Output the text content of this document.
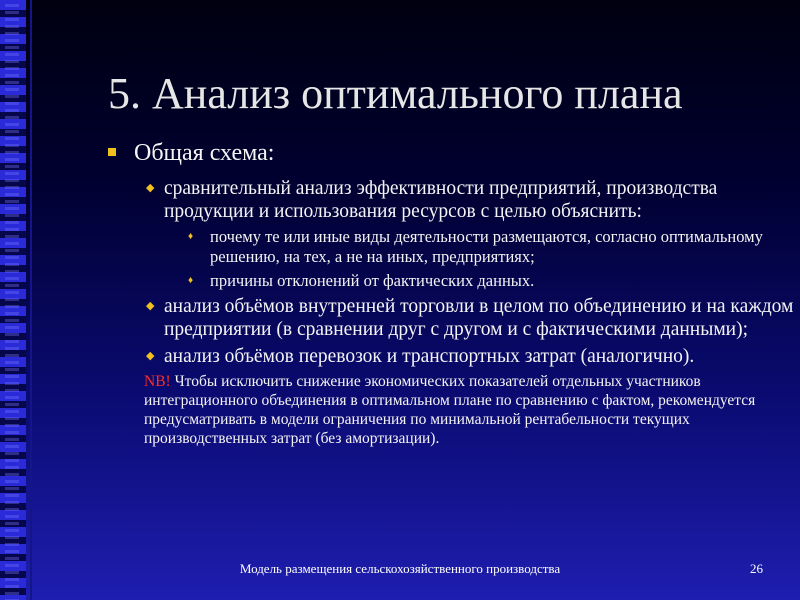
5. Анализ оптимального плана
Общая схема:
◆ сравнительный анализ эффективности предприятий, производства продукции и использования ресурсов с целью объяснить:
♦	почему те или иные виды деятельности размещаются, согласно оптимальному решению, на тех, а не на иных, предприятиях;
♦	причины отклонений от фактических данных.
◆ анализ объёмов внутренней торговли в целом по объединению и на каждом предприятии (в сравнении друг с другом и с фактическими данными);
◆ анализ объёмов перевозок и транспортных затрат (аналогично).
NB! Чтобы исключить снижение экономических показателей отдельных участников интеграционного объединения в оптимальном плане по сравнению с фактом, рекомендуется предусматривать в модели ограничения по минимальной рентабельности текущих производственных затрат (без амортизации).
Модель размещения сельскохозяйственного производства	26
